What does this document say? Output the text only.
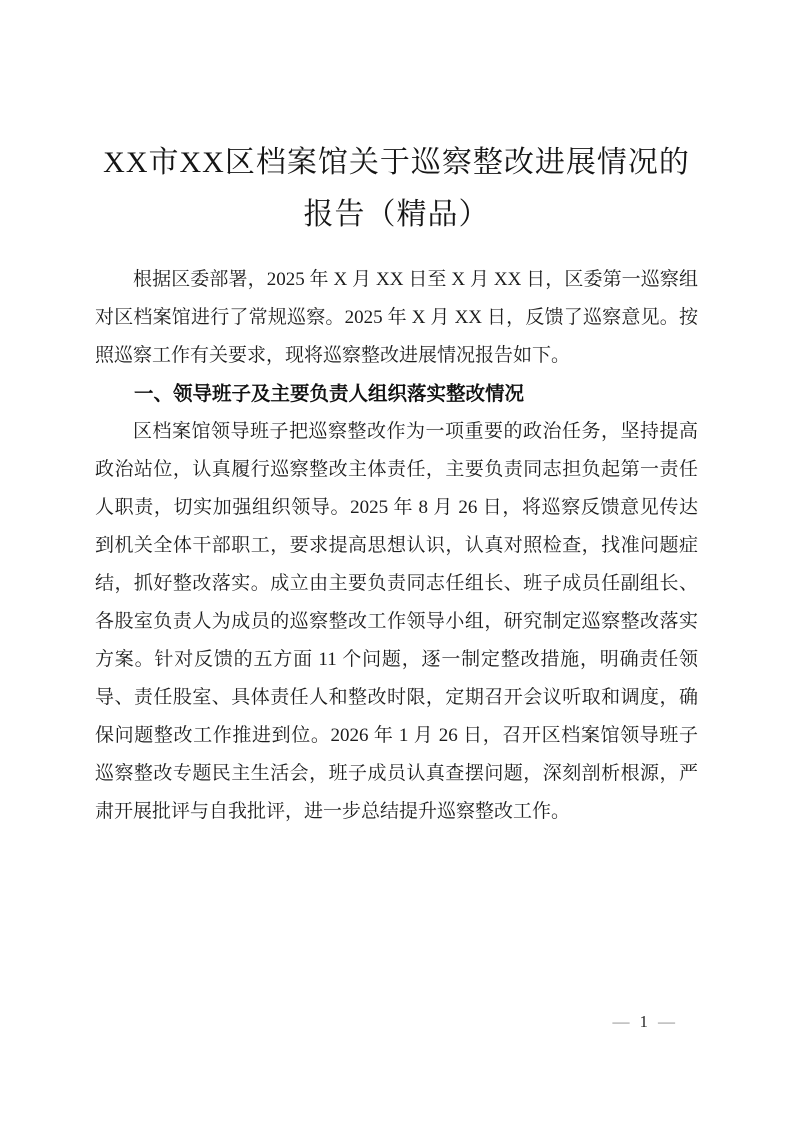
XX市XX区档案馆关于巡察整改进展情况的报告（精品）

根据区委部署，2025 年 X 月 XX 日至 X 月 XX 日，区委第一巡察组对区档案馆进行了常规巡察。2025 年 X 月 XX 日，反馈了巡察意见。按照巡察工作有关要求，现将巡察整改进展情况报告如下。

一、领导班子及主要负责人组织落实整改情况

区档案馆领导班子把巡察整改作为一项重要的政治任务，坚持提高政治站位，认真履行巡察整改主体责任，主要负责同志担负起第一责任人职责，切实加强组织领导。2025 年 8 月 26 日，将巡察反馈意见传达到机关全体干部职工，要求提高思想认识，认真对照检查，找准问题症结，抓好整改落实。成立由主要负责同志任组长、班子成员任副组长、各股室负责人为成员的巡察整改工作领导小组，研究制定巡察整改落实方案。针对反馈的五方面 11 个问题，逐一制定整改措施，明确责任领导、责任股室、具体责任人和整改时限，定期召开会议听取和调度，确保问题整改工作推进到位。2026 年 1 月 26 日，召开区档案馆领导班子巡察整改专题民主生活会，班子成员认真查摆问题，深刻剖析根源，严肃开展批评与自我批评，进一步总结提升巡察整改工作。

— 1 —
